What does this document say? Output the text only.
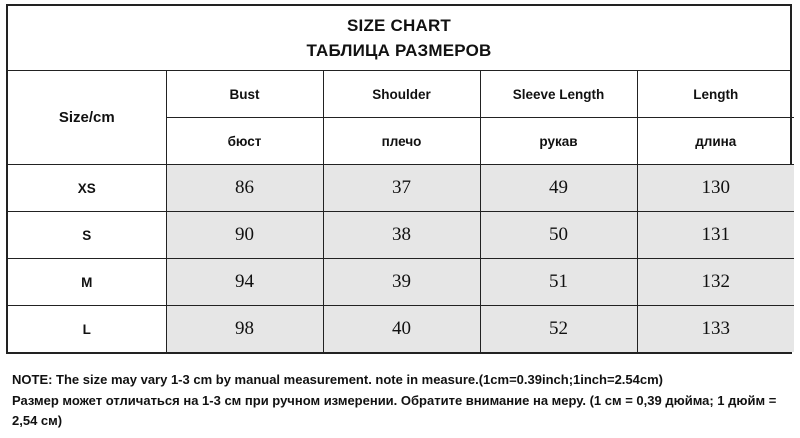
SIZE CHART
ТАБЛИЦА РАЗМЕРОВ
Size/cm	Bust	Shoulder	Sleeve Length	Length
	бюст	плечо	рукав	длина
XS	86	37	49	130
S	90	38	50	131
M	94	39	51	132
L	98	40	52	133

NOTE: The size may vary 1-3 cm by manual measurement. note in measure.(1cm=0.39inch;1inch=2.54cm)

Размер может отличаться на 1-3 см при ручном измерении. Обратите внимание на меру. (1 см = 0,39 дюйма; 1 дюйм = 2,54 см)
